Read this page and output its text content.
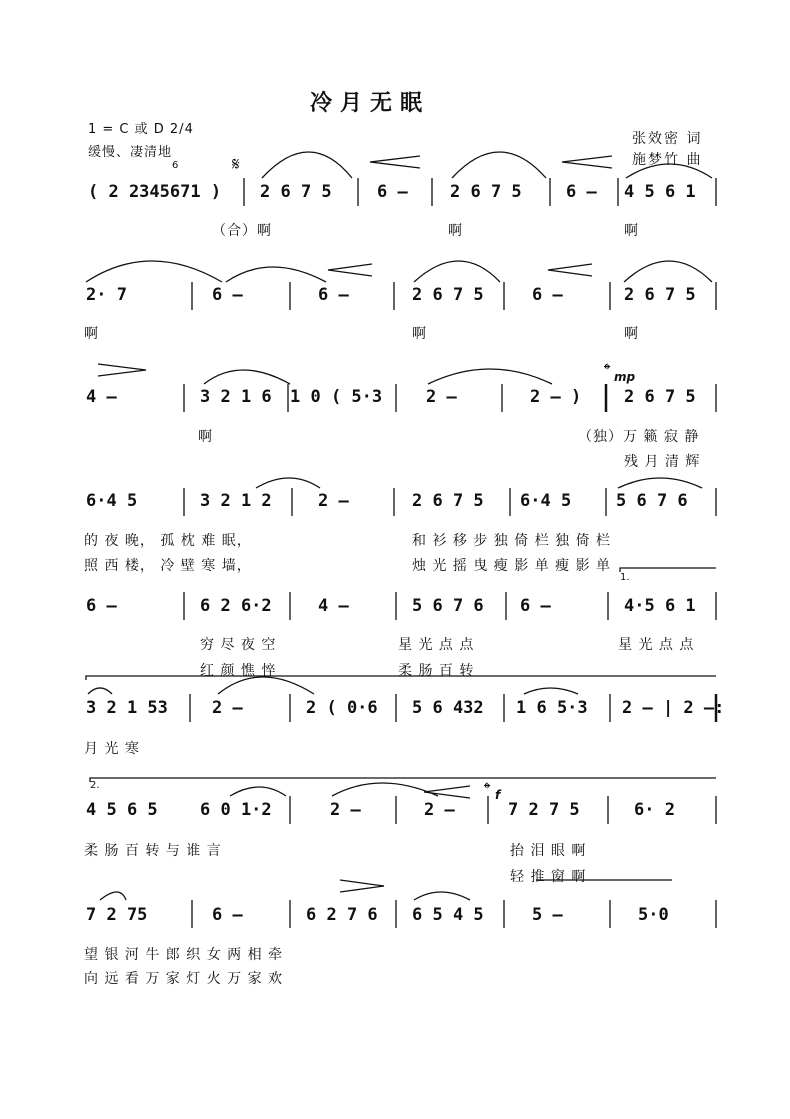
冷月无眠
1 = C 或 D 2/4
缓慢、凄清地
张效密 词
施梦竹 曲
𝄋
6
𝄌 mp
𝄌 f
1.
2.
( 2 2345671 ) 2 6 7 5	6 – 2 6 7 5	6 – 4 5 6 1
（合）啊	啊	啊
2· 7	6 –	6 –	2 6 7 5	6 –	2 6 7 5
啊	啊	啊
4 –	3 2 1 6 1 0 ( 5·3	2 –	2 – )	2 6 7 5
啊	（独）万 籁 寂 静
残 月 清 辉
6·4 5	3 2 1 2	2 –	2 6 7 5 6·4 5	5 6 7 6
的 夜 晚， 孤 枕 难 眠，	和 衫 移 步 独 倚 栏 独 倚 栏
照 西 楼， 冷 壁 寒 墙，	烛 光 摇 曳 瘦 影 单 瘦 影 单
6 –	6 2 6·2	4 –	5 6 7 6 6 –	4·5 6 1
穷 尽 夜 空	星 光 点 点	星 光 点 点
红 颜 憔 悴	柔 肠 百 转
3 2 1 53	2 –	2 ( 0·6 5 6 432 1 6 5·3 2 – | 2 –:
月 光 寒
4 5 6 5 6 0 1·2	2 –	2 –	7 2 7 5	6· 2
柔 肠 百 转 与 谁 言	抬 泪 眼 啊
轻 推 窗 啊
7 2 75	6 –	6 2 7 6 6 5 4 5	5 –	5·0
望 银 河 牛 郎 织 女 两 相 牵
向 远 看 万 家 灯 火 万 家 欢
